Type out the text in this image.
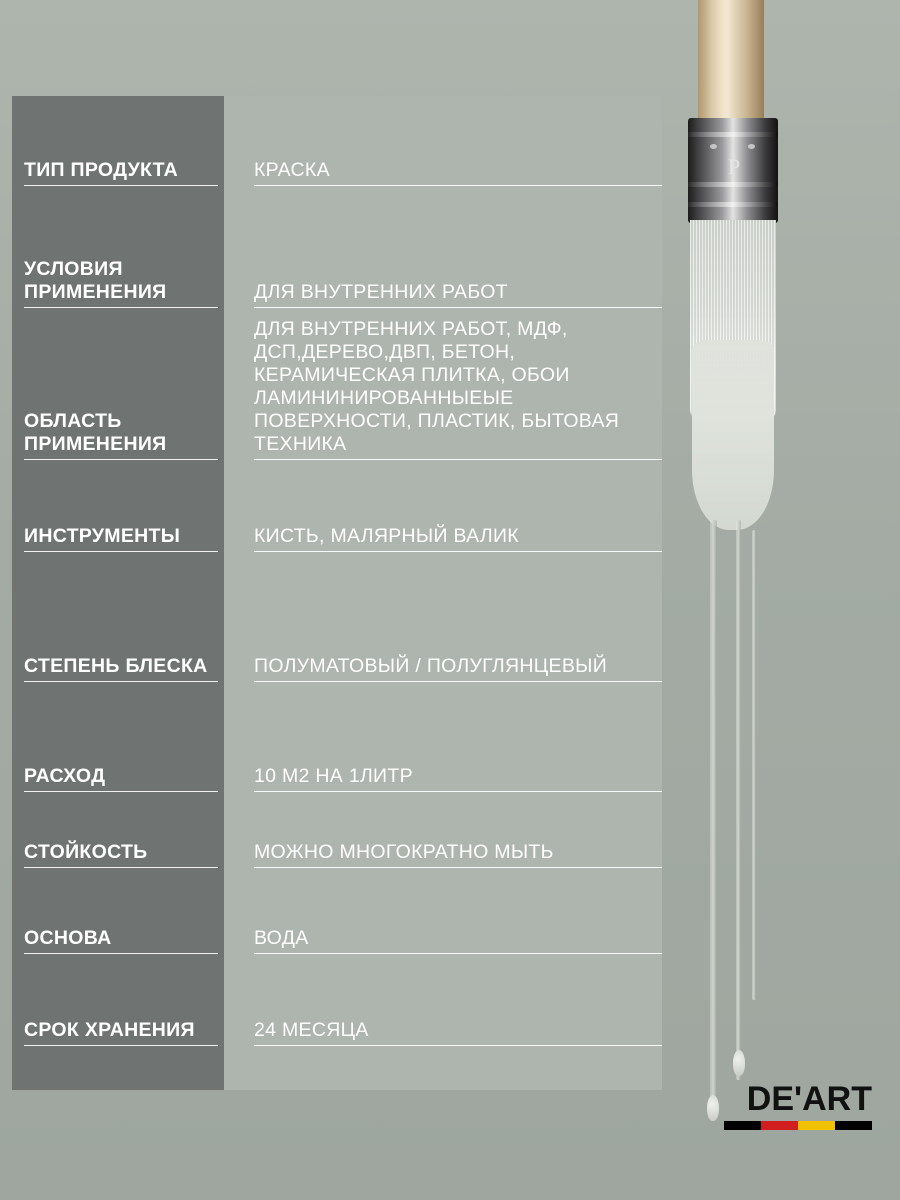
P
ТИП ПРОДУКТА
УСЛОВИЯ ПРИМЕНЕНИЯ
ОБЛАСТЬ ПРИМЕНЕНИЯ
ИНСТРУМЕНТЫ
СТЕПЕНЬ БЛЕСКА
РАСХОД
СТОЙКОСТЬ
ОСНОВА
СРОК ХРАНЕНИЯ
КРАСКА
ДЛЯ ВНУТРЕННИХ РАБОТ
ДЛЯ ВНУТРЕННИХ РАБОТ, МДФ, ДСП,ДЕРЕВО,ДВП, БЕТОН, КЕРАМИЧЕСКАЯ ПЛИТКА, ОБОИ ЛАМИНИНИРОВАННЫЕЫЕ ПОВЕРХНОСТИ, ПЛАСТИК, БЫТОВАЯ ТЕХНИКА
КИСТЬ, МАЛЯРНЫЙ ВАЛИК
ПОЛУМАТОВЫЙ / ПОЛУГЛЯНЦЕВЫЙ
10 М2 НА 1ЛИТР
МОЖНО МНОГОКРАТНО МЫТЬ
ВОДА
24 МЕСЯЦА
DE'ART
